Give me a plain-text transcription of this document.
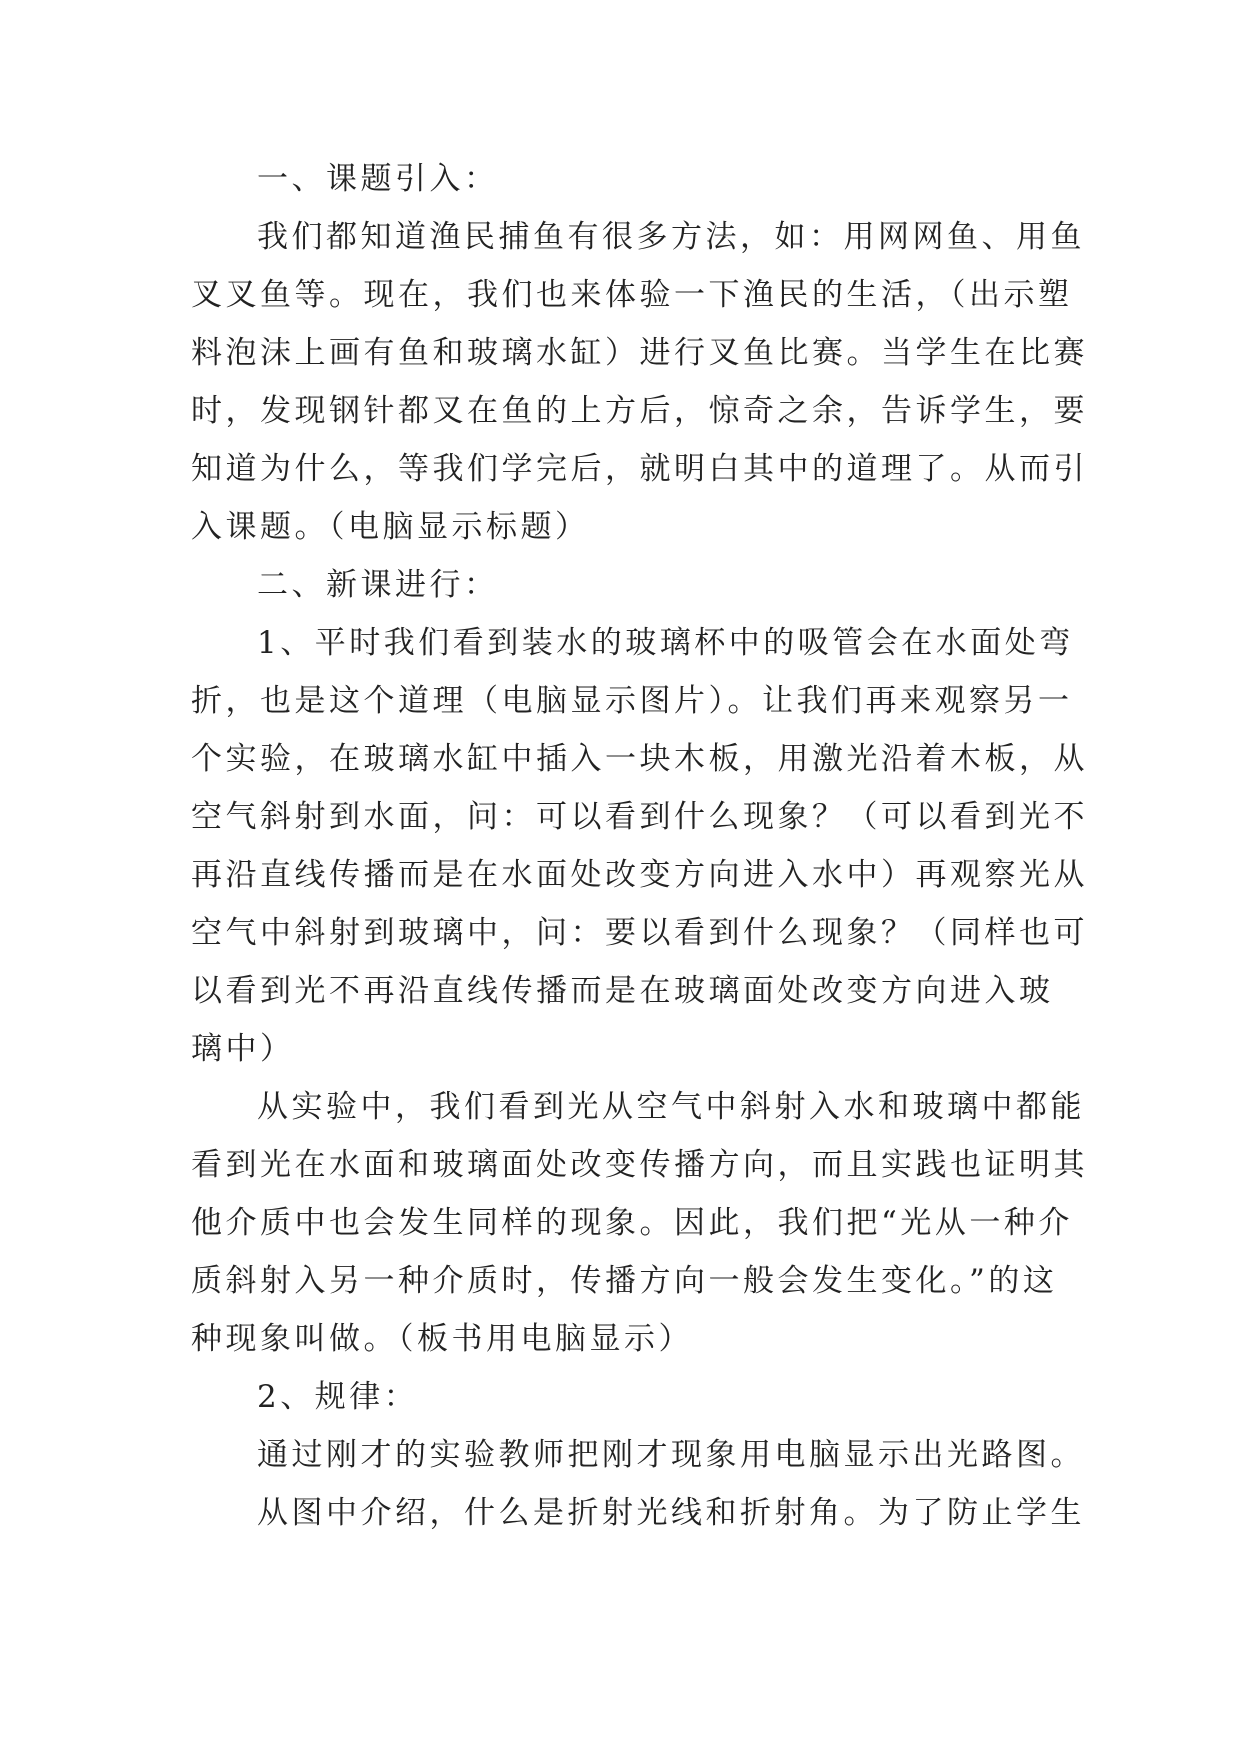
一、课题引入：
我们都知道渔民捕鱼有很多方法，如：用网网鱼、用鱼
叉叉鱼等。现在，我们也来体验一下渔民的生活，（出示塑
料泡沫上画有鱼和玻璃水缸）进行叉鱼比赛。当学生在比赛
时，发现钢针都叉在鱼的上方后，惊奇之余，告诉学生，要
知道为什么，等我们学完后，就明白其中的道理了。从而引
入课题。（电脑显示标题）
二、新课进行：
1、平时我们看到装水的玻璃杯中的吸管会在水面处弯
折，也是这个道理（电脑显示图片）。让我们再来观察另一
个实验，在玻璃水缸中插入一块木板，用激光沿着木板，从
空气斜射到水面，问：可以看到什么现象？（可以看到光不
再沿直线传播而是在水面处改变方向进入水中）再观察光从
空气中斜射到玻璃中，问：要以看到什么现象？（同样也可
以看到光不再沿直线传播而是在玻璃面处改变方向进入玻
璃中）
从实验中，我们看到光从空气中斜射入水和玻璃中都能
看到光在水面和玻璃面处改变传播方向，而且实践也证明其
他介质中也会发生同样的现象。因此，我们把“光从一种介
质斜射入另一种介质时，传播方向一般会发生变化。”的这
种现象叫做。（板书用电脑显示）
2、规律：
通过刚才的实验教师把刚才现象用电脑显示出光路图。
从图中介绍，什么是折射光线和折射角。为了防止学生
